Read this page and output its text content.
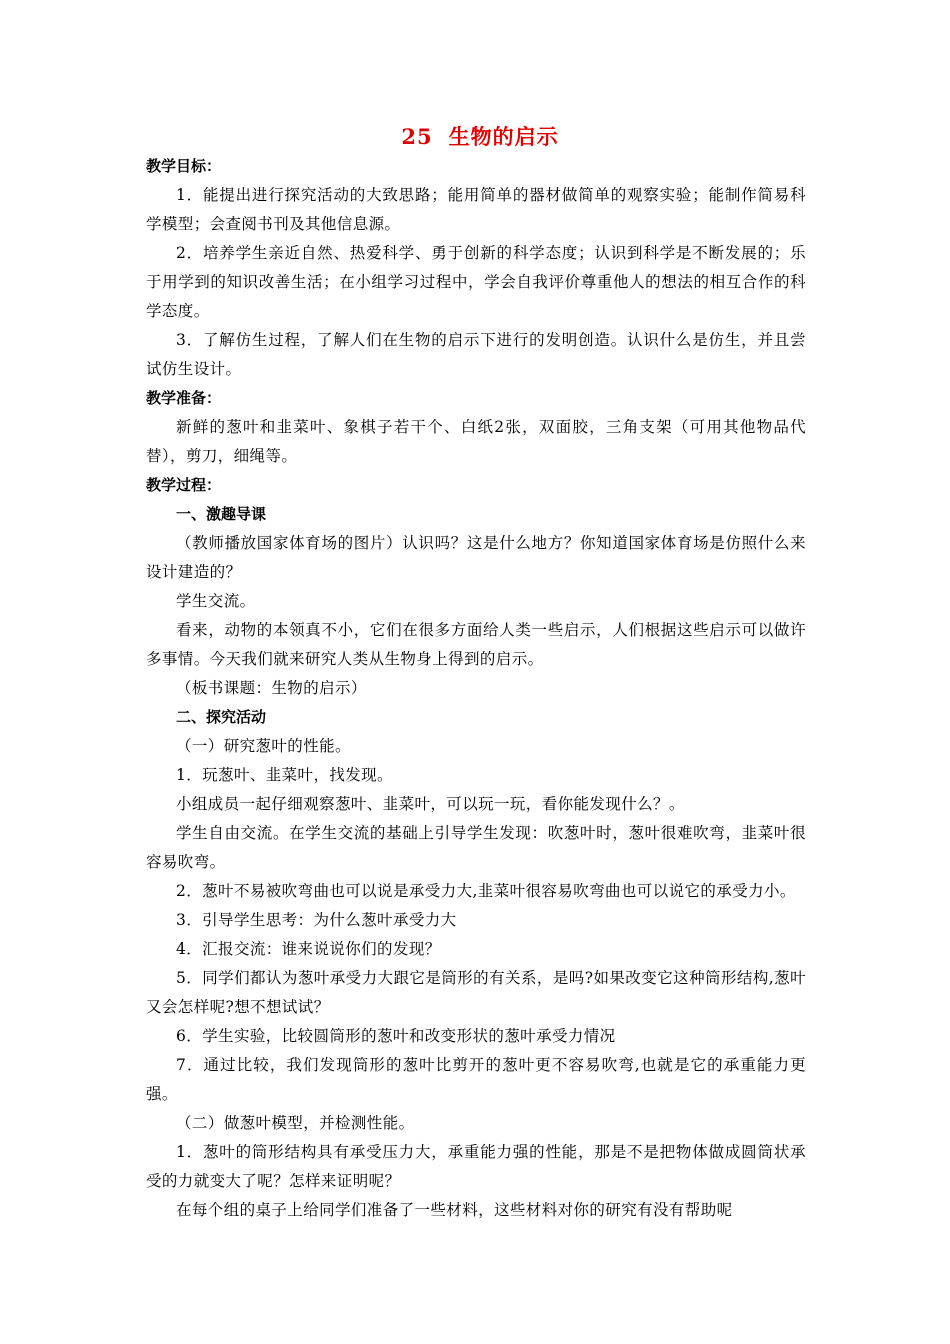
25 生物的启示
教学目标：

1．能提出进行探究活动的大致思路；能用简单的器材做简单的观察实验；能制作简易科学模型；会查阅书刊及其他信息源。

2．培养学生亲近自然、热爱科学、勇于创新的科学态度；认识到科学是不断发展的；乐于用学到的知识改善生活；在小组学习过程中，学会自我评价尊重他人的想法的相互合作的科学态度。

3．了解仿生过程，了解人们在生物的启示下进行的发明创造。认识什么是仿生，并且尝试仿生设计。

教学准备：

新鲜的葱叶和韭菜叶、象棋子若干个、白纸2张，双面胶，三角支架（可用其他物品代替），剪刀，细绳等。

教学过程：
一、激趣导课

（教师播放国家体育场的图片）认识吗？这是什么地方？你知道国家体育场是仿照什么来设计建造的？

学生交流。

看来，动物的本领真不小，它们在很多方面给人类一些启示，人们根据这些启示可以做许多事情。今天我们就来研究人类从生物身上得到的启示。

（板书课题：生物的启示）

二、探究活动

（一）研究葱叶的性能。

1．玩葱叶、韭菜叶，找发现。

小组成员一起仔细观察葱叶、韭菜叶，可以玩一玩，看你能发现什么？。

学生自由交流。在学生交流的基础上引导学生发现：吹葱叶时，葱叶很难吹弯，韭菜叶很容易吹弯。

2．葱叶不易被吹弯曲也可以说是承受力大,韭菜叶很容易吹弯曲也可以说它的承受力小。

3．引导学生思考：为什么葱叶承受力大

4．汇报交流：谁来说说你们的发现？

5．同学们都认为葱叶承受力大跟它是筒形的有关系，是吗?如果改变它这种筒形结构,葱叶又会怎样呢?想不想试试？

6．学生实验，比较圆筒形的葱叶和改变形状的葱叶承受力情况

7．通过比较，我们发现筒形的葱叶比剪开的葱叶更不容易吹弯,也就是它的承重能力更强。

（二）做葱叶模型，并检测性能。

1．葱叶的筒形结构具有承受压力大，承重能力强的性能，那是不是把物体做成圆筒状承受的力就变大了呢？怎样来证明呢？

在每个组的桌子上给同学们准备了一些材料，这些材料对你的研究有没有帮助呢
